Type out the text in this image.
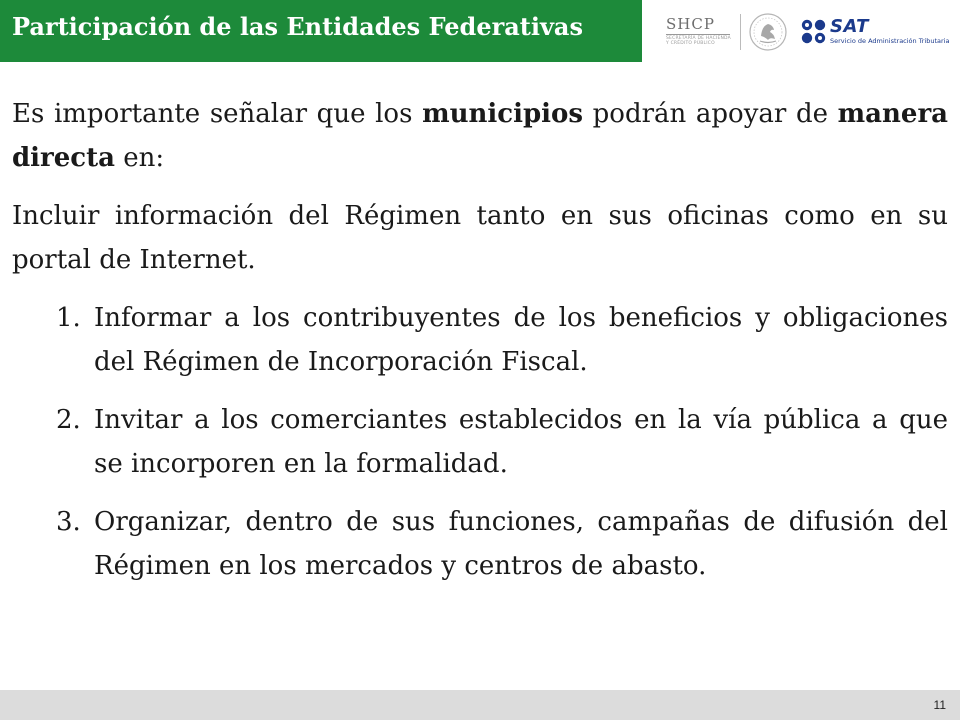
Participación de las Entidades Federativas	SHCP
SECRETARÍA DE HACIENDA
Y CRÉDITO PÚBLICO
SAT
Servicio de Administración Tributaria

Es importante señalar que los municipios podrán apoyar de manera directa en:

Incluir información del Régimen tanto en sus oficinas como en su portal de Internet.

1. Informar a los contribuyentes de los beneficios y obligaciones del Régimen de Incorporación Fiscal.
2. Invitar a los comerciantes establecidos en la vía pública a que se incorporen en la formalidad.
3. Organizar, dentro de sus funciones, campañas de difusión del Régimen en los mercados y centros de abasto.
11
